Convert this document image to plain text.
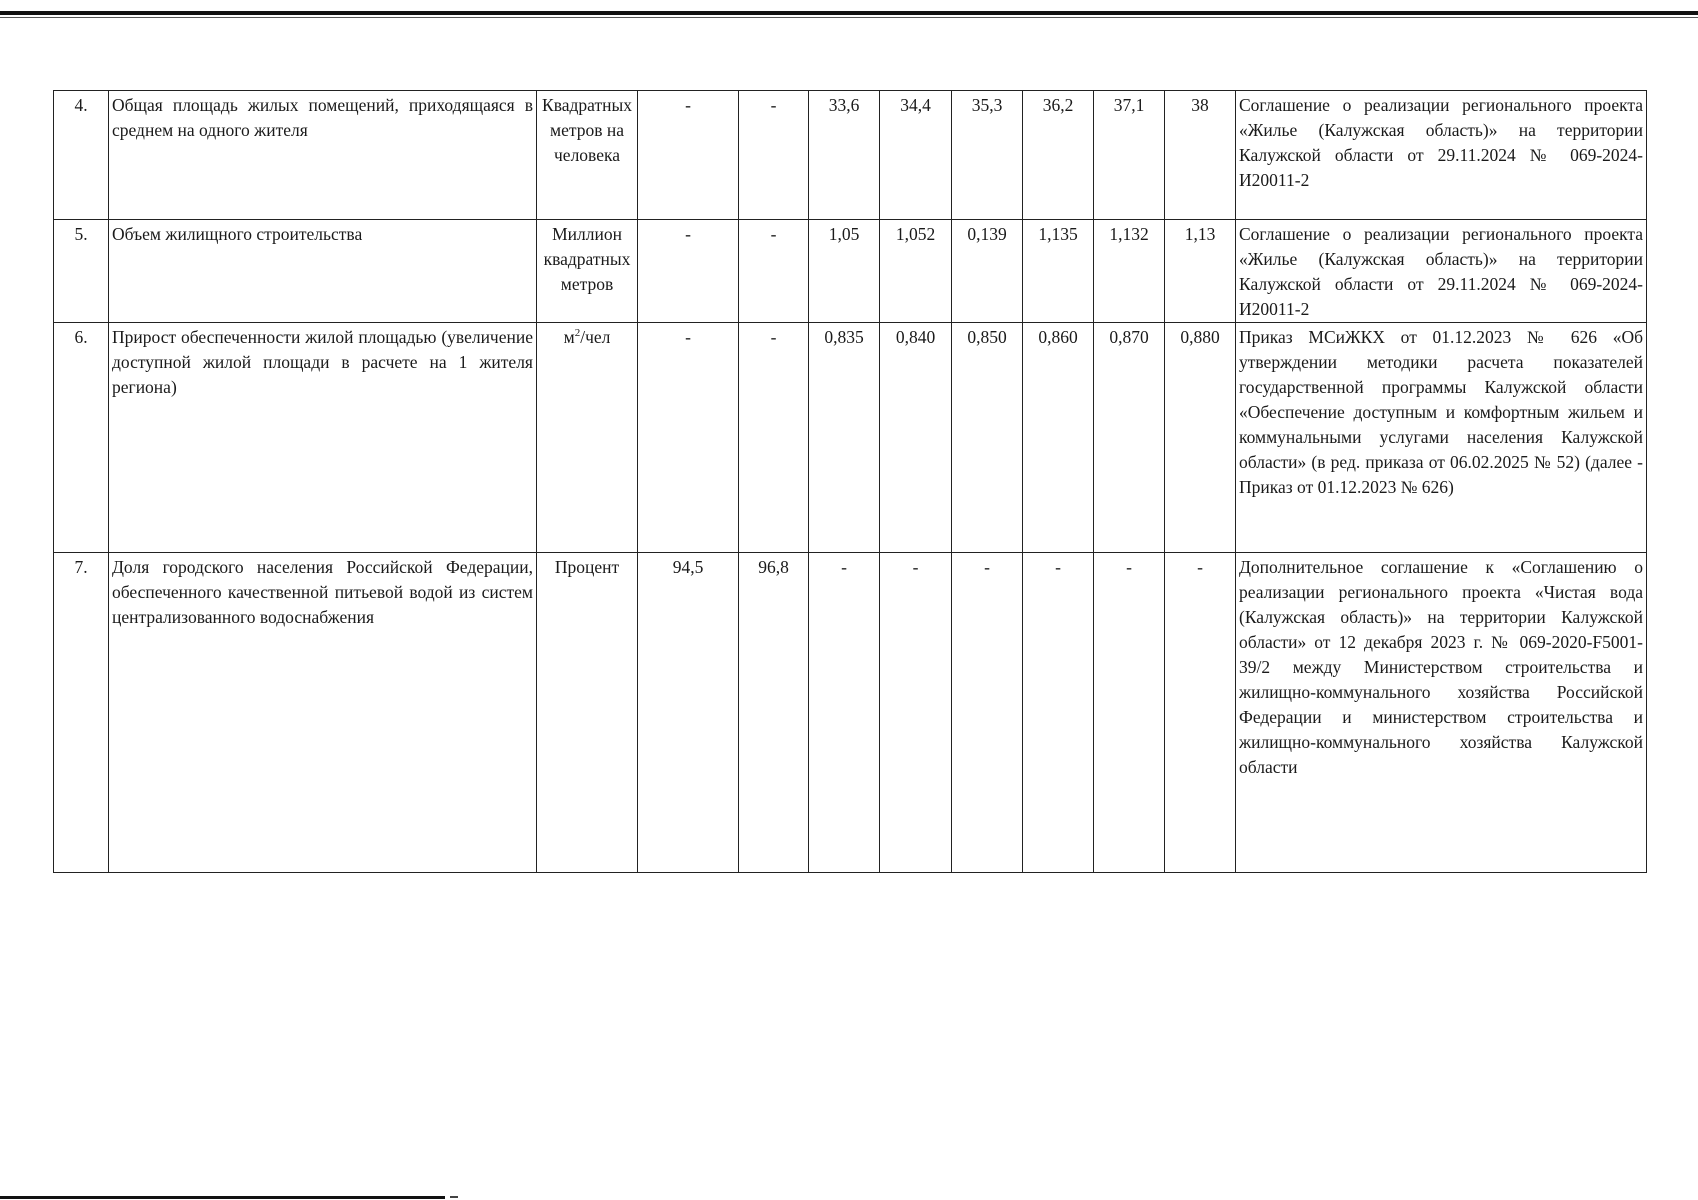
4.	Общая площадь жилых помещений, приходящаяся в среднем на одного жителя	Квадратных метров на человека	-	-	33,6	34,4	35,3	36,2	37,1	38	Соглашение о реализации регионального проекта «Жилье (Калужская область)» на территории Калужской области от 29.11.2024 № 069-2024-И20011-2
5.	Объем жилищного строительства	Миллион квадратных метров	-	-	1,05	1,052	0,139	1,135	1,132	1,13	Соглашение о реализации регионального проекта «Жилье (Калужская область)» на территории Калужской области от 29.11.2024 № 069-2024-И20011-2
6.	Прирост обеспеченности жилой площадью (увеличение доступной жилой площади в расчете на 1 жителя региона)	$м^2$/чел	-	-	0,835	0,840	0,850	0,860	0,870	0,880	Приказ МСиЖКХ от 01.12.2023 № 626 «Об утверждении методики расчета показателей государственной программы Калужской области «Обеспечение доступным и комфортным жильем и коммунальными услугами населения Калужской области» (в ред. приказа от 06.02.2025 № 52) (далее - Приказ от 01.12.2023 № 626)
7.	Доля городского населения Российской Федерации, обеспеченного качественной питьевой водой из систем централизованного водоснабжения	Процент	94,5	96,8	-	-	-	-	-	-	Дополнительное соглашение к «Соглашению о реализации регионального проекта «Чистая вода (Калужская область)» на территории Калужской области» от 12 декабря 2023 г. № 069-2020-F5001-39/2 между Министерством строительства и жилищно-коммунального хозяйства Российской Федерации и министерством строительства и жилищно-коммунального хозяйства Калужской области
